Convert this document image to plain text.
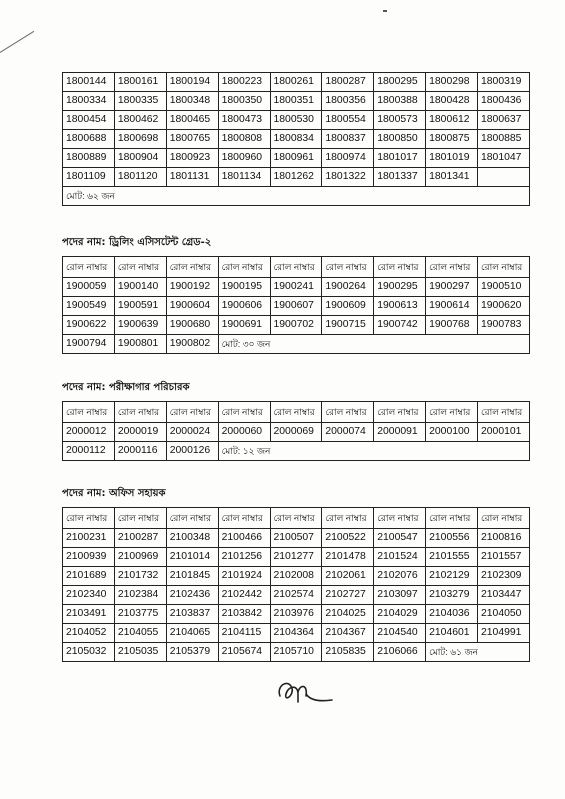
1800144	1800161	1800194	1800223	1800261	1800287	1800295	1800298	1800319
1800334	1800335	1800348	1800350	1800351	1800356	1800388	1800428	1800436
1800454	1800462	1800465	1800473	1800530	1800554	1800573	1800612	1800637
1800688	1800698	1800765	1800808	1800834	1800837	1800850	1800875	1800885
1800889	1800904	1800923	1800960	1800961	1800974	1801017	1801019	1801047
1801109	1801120	1801131	1801134	1801262	1801322	1801337	1801341	
মোট: ৬২ জন								
পদের নাম: ড্রিলিং এসিসটেন্ট গ্রেড-২
রোল নাম্বার	রোল নাম্বার	রোল নাম্বার	রোল নাম্বার	রোল নাম্বার	রোল নাম্বার	রোল নাম্বার	রোল নাম্বার	রোল নাম্বার
1900059	1900140	1900192	1900195	1900241	1900264	1900295	1900297	1900510
1900549	1900591	1900604	1900606	1900607	1900609	1900613	1900614	1900620
1900622	1900639	1900680	1900691	1900702	1900715	1900742	1900768	1900783
1900794	1900801	1900802	মোট: ৩০ জন					
পদের নাম: পরীক্ষাগার পরিচারক
রোল নাম্বার	রোল নাম্বার	রোল নাম্বার	রোল নাম্বার	রোল নাম্বার	রোল নাম্বার	রোল নাম্বার	রোল নাম্বার	রোল নাম্বার
2000012	2000019	2000024	2000060	2000069	2000074	2000091	2000100	2000101
2000112	2000116	2000126	মোট: ১২ জন					
পদের নাম: অফিস সহায়ক
রোল নাম্বার	রোল নাম্বার	রোল নাম্বার	রোল নাম্বার	রোল নাম্বার	রোল নাম্বার	রোল নাম্বার	রোল নাম্বার	রোল নাম্বার
2100231	2100287	2100348	2100466	2100507	2100522	2100547	2100556	2100816
2100939	2100969	2101014	2101256	2101277	2101478	2101524	2101555	2101557
2101689	2101732	2101845	2101924	2102008	2102061	2102076	2102129	2102309
2102340	2102384	2102436	2102442	2102574	2102727	2103097	2103279	2103447
2103491	2103775	2103837	2103842	2103976	2104025	2104029	2104036	2104050
2104052	2104055	2104065	2104115	2104364	2104367	2104540	2104601	2104991
2105032	2105035	2105379	2105674	2105710	2105835	2106066	মোট: ৬১ জন	
